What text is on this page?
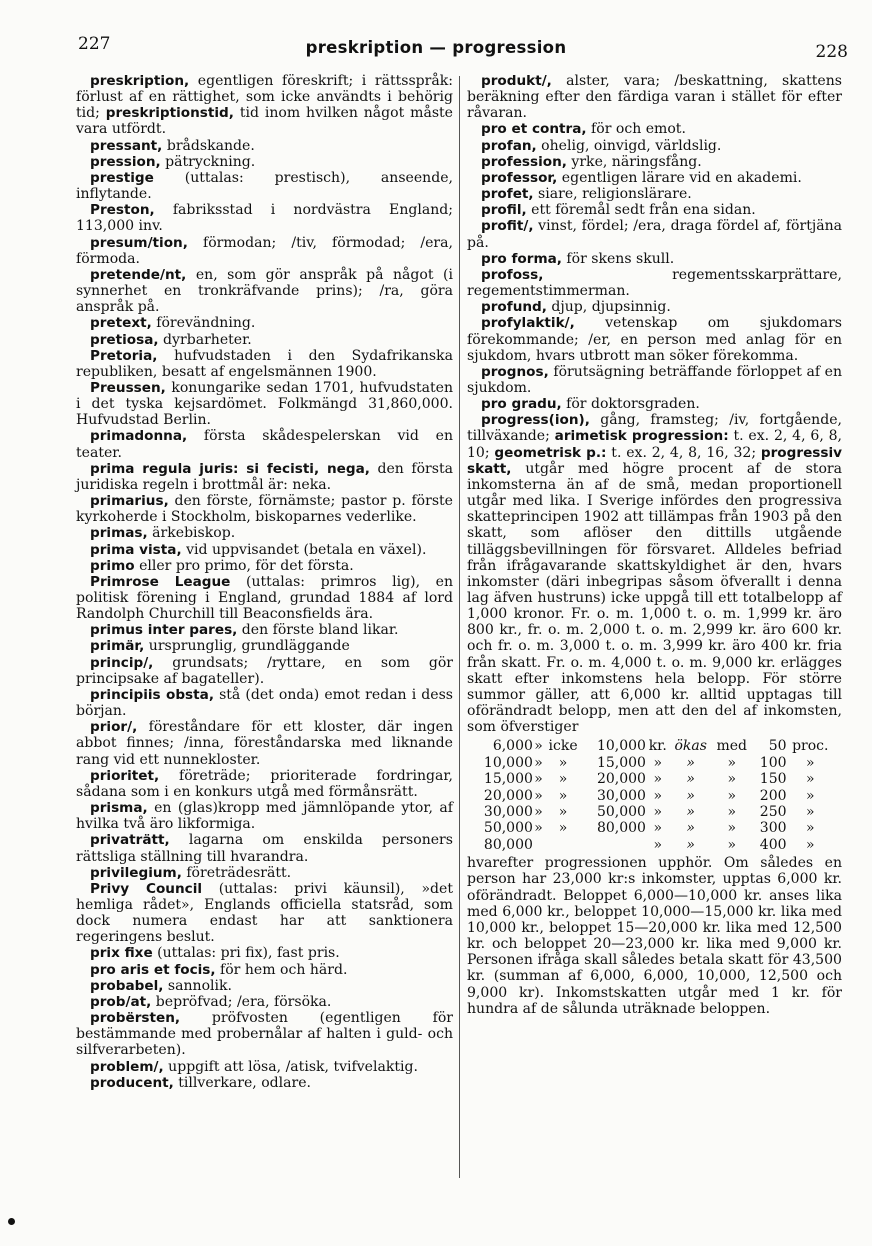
227	preskription — progression	228

preskription, egentligen föreskrift; i rättsspråk: förlust af en rättighet, som icke användts i behörig tid; preskriptionstid, tid inom hvilken något måste vara utfördt.

pressant, brådskande.

pression, pätryckning.

prestige (uttalas: prestisch), anseende, inflytande.

Preston, fabriksstad i nordvästra England; 113,000 inv.

presum/tion, förmodan; /tiv, förmodad; /era, förmoda.

pretende/nt, en, som gör anspråk på något (i synnerhet en tronkräfvande prins); /ra, göra anspråk på.

pretext, förevändning.

pretiosa, dyrbarheter.

Pretoria, hufvudstaden i den Sydafrikanska republiken, besatt af engelsmännen 1900.

Preussen, konungarike sedan 1701, hufvudstaten i det tyska kejsardömet. Folkmängd 31,860,000. Hufvudstad Berlin.

primadonna, första skådespelerskan vid en teater.

prima regula juris: si fecisti, nega, den första juridiska regeln i brottmål är: neka.

primarius, den förste, förnämste; pastor p. förste kyrkoherde i Stockholm, biskoparnes vederlike.

primas, ärkebiskop.

prima vista, vid uppvisandet (betala en växel).

primo eller pro primo, för det första.

Primrose League (uttalas: primros lig), en politisk förening i England, grundad 1884 af lord Randolph Churchill till Beaconsfields ära.

primus inter pares, den förste bland likar.

primär, ursprunglig, grundläggande

princip/, grundsats; /ryttare, en som gör principsake af bagateller).

principiis obsta, stå (det onda) emot redan i dess början.

prior/, föreståndare för ett kloster, där ingen abbot finnes; /inna, föreståndarska med liknande rang vid ett nunnekloster.

prioritet, företräde; prioriterade fordringar, sådana som i en konkurs utgå med förmånsrätt.

prisma, en (glas)kropp med jämnlöpande ytor, af hvilka två äro likformiga.

privaträtt, lagarna om enskilda personers rättsliga ställning till hvarandra.

privilegium, företrädesrätt.

Privy Council (uttalas: privi käunsil), »det hemliga rådet», Englands officiella statsråd, som dock numera endast har att sanktionera regeringens beslut.

prix fixe (uttalas: pri fix), fast pris.

pro aris et focis, för hem och härd.

probabel, sannolik.

prob/at, bepröfvad; /era, försöka.

probërsten, pröfvosten (egentligen för bestämmande med probernålar af halten i guld- och silfverarbeten).

problem/, uppgift att lösa, /atisk, tvifvelaktig.

producent, tillverkare, odlare.

produkt/, alster, vara; /beskattning, skattens beräkning efter den färdiga varan i stället för efter råvaran.

pro et contra, för och emot.

profan, ohelig, oinvigd, världslig.

profession, yrke, näringsfång.

professor, egentligen lärare vid en akademi.

profet, siare, religionslärare.

profil, ett föremål sedt från ena sidan.

profit/, vinst, fördel; /era, draga fördel af, förtjäna på.

pro forma, för skens skull.

profoss, regementsskarprättare, regementstimmerman.

profund, djup, djupsinnig.

profylaktik/, vetenskap om sjukdomars förekommande; /er, en person med anlag för en sjukdom, hvars utbrott man söker förekomma.

prognos, förutsägning beträffande förloppet af en sjukdom.

pro gradu, för doktorsgraden.

progress(ion), gång, framsteg; /iv, fortgående, tillväxande; arimetisk progression: t. ex. 2, 4, 6, 8, 10; geometrisk p.: t. ex. 2, 4, 8, 16, 32; progressiv skatt, utgår med högre procent af de stora inkomsterna än af de små, medan proportionell utgår med lika. I Sverige infördes den progressiva skatteprincipen 1902 att tillämpas från 1903 på den skatt, som aflöser den dittills utgående tilläggsbevillningen för försvaret. Alldeles befriad från ifrågavarande skattskyldighet är den, hvars inkomster (däri inbegripas såsom öfverallt i denna lag äfven hustruns) icke uppgå till ett totalbelopp af 1,000 kronor. Fr. o. m. 1,000 t. o. m. 1,999 kr. äro 800 kr., fr. o. m. 2,000 t. o. m. 2,999 kr. äro 600 kr. och fr. o. m. 3,000 t. o. m. 3,999 kr. äro 400 kr. fria från skatt. Fr. o. m. 4,000 t. o. m. 9,000 kr. erlägges skatt efter inkomstens hela belopp. För större summor gäller, att 6,000 kr. alltid upptagas till oförändradt belopp, men att den del af inkomsten, som öfverstiger

6,000	»	icke	10,000	kr.	ökas	med	50	proc.
10,000	»	»	15,000	»	»	»	100	»
15,000	»	»	20,000	»	»	»	150	»
20,000	»	»	30,000	»	»	»	200	»
30,000	»	»	50,000	»	»	»	250	»
50,000	»	»	80,000	»	»	»	300	»
80,000				»	»	»	400	»

hvarefter progressionen upphör. Om således en person har 23,000 kr:s inkomster, upptas 6,000 kr. oförändradt. Beloppet 6,000—10,000 kr. anses lika med 6,000 kr., beloppet 10,000—15,000 kr. lika med 10,000 kr., beloppet 15—20,000 kr. lika med 12,500 kr. och beloppet 20—23,000 kr. lika med 9,000 kr. Personen ifråga skall således betala skatt för 43,500 kr. (summan af 6,000, 6,000, 10,000, 12,500 och 9,000 kr). Inkomstskatten utgår med 1 kr. för hundra af de sålunda uträknade beloppen.
